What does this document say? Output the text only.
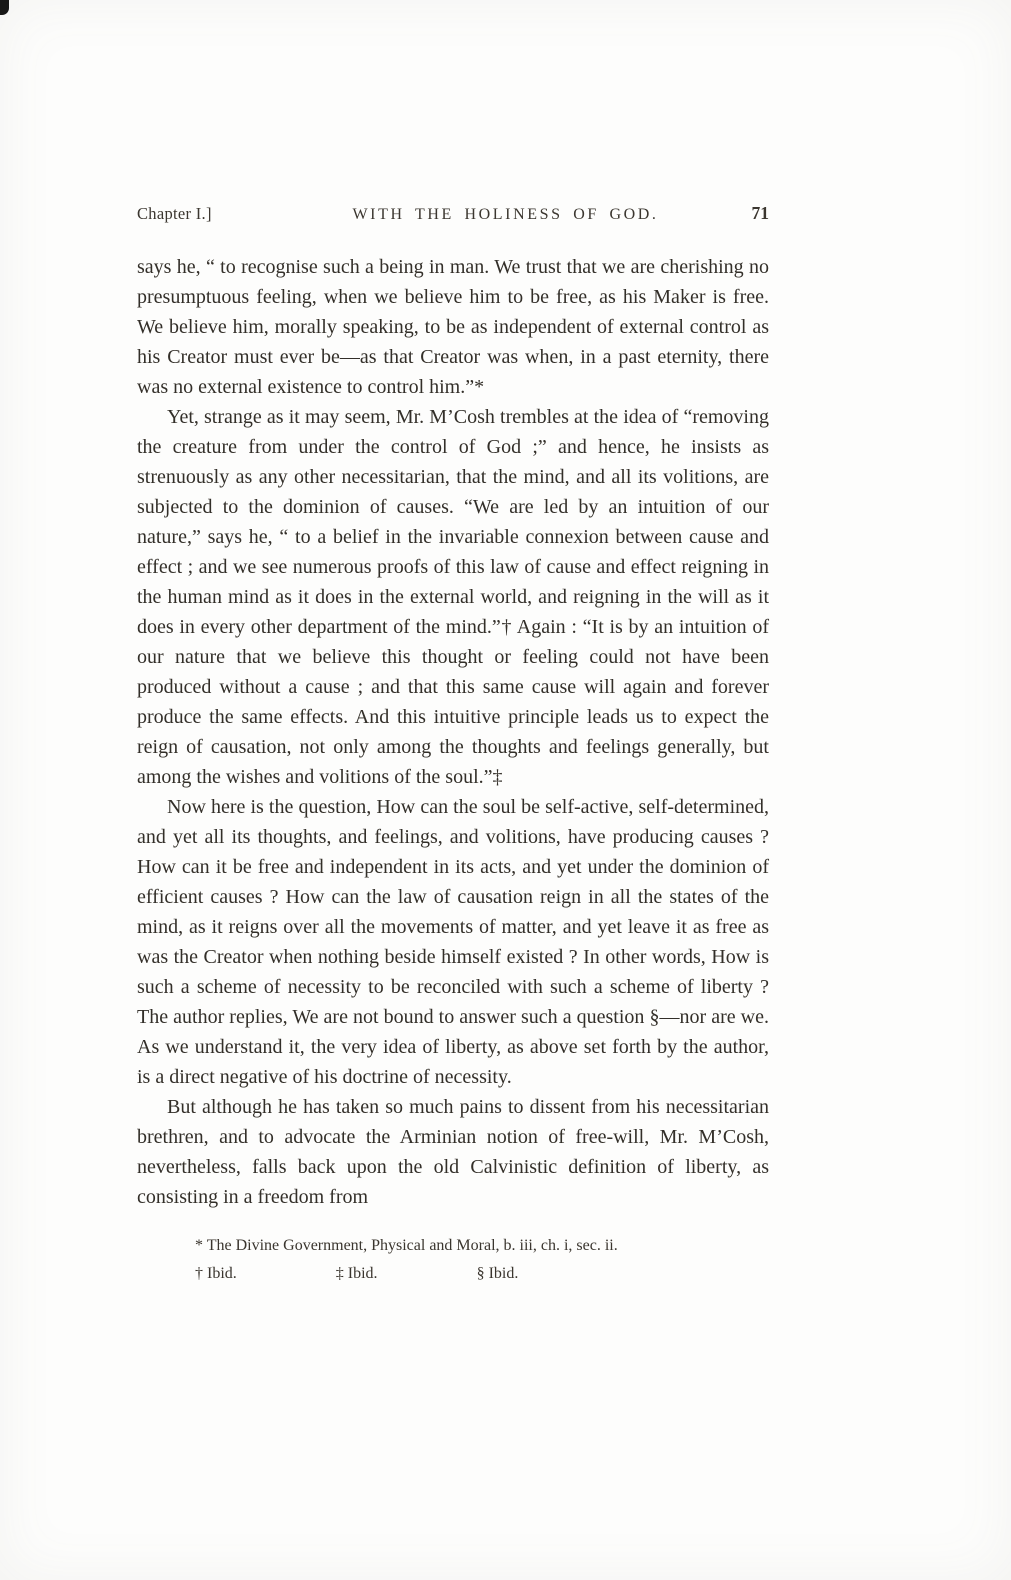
Chapter I.]	WITH THE HOLINESS OF GOD.	71

says he, “ to recognise such a being in man. We trust that we are cherishing no presumptuous feeling, when we believe him to be free, as his Maker is free. We believe him, morally speaking, to be as independent of external control as his Creator must ever be—as that Creator was when, in a past eternity, there was no external existence to control him.”*

Yet, strange as it may seem, Mr. M’Cosh trembles at the idea of “removing the creature from under the control of God ;” and hence, he insists as strenuously as any other necessitarian, that the mind, and all its volitions, are subjected to the dominion of causes. “We are led by an intuition of our nature,” says he, “ to a belief in the invariable connexion between cause and effect ; and we see numerous proofs of this law of cause and effect reigning in the human mind as it does in the external world, and reigning in the will as it does in every other department of the mind.”† Again : “It is by an intuition of our nature that we believe this thought or feeling could not have been produced without a cause ; and that this same cause will again and forever produce the same effects. And this intuitive principle leads us to expect the reign of causation, not only among the thoughts and feelings generally, but among the wishes and volitions of the soul.”‡

Now here is the question, How can the soul be self-active, self-determined, and yet all its thoughts, and feelings, and volitions, have producing causes ? How can it be free and independent in its acts, and yet under the dominion of efficient causes ? How can the law of causation reign in all the states of the mind, as it reigns over all the movements of matter, and yet leave it as free as was the Creator when nothing beside himself existed ? In other words, How is such a scheme of necessity to be reconciled with such a scheme of liberty ? The author replies, We are not bound to answer such a question §—nor are we. As we understand it, the very idea of liberty, as above set forth by the author, is a direct negative of his doctrine of necessity.

But although he has taken so much pains to dissent from his necessitarian brethren, and to advocate the Arminian notion of free-will, Mr. M’Cosh, nevertheless, falls back upon the old Calvinistic definition of liberty, as consisting in a freedom from

* The Divine Government, Physical and Moral, b. iii, ch. i, sec. ii.
† Ibid.	‡ Ibid.	§ Ibid.
